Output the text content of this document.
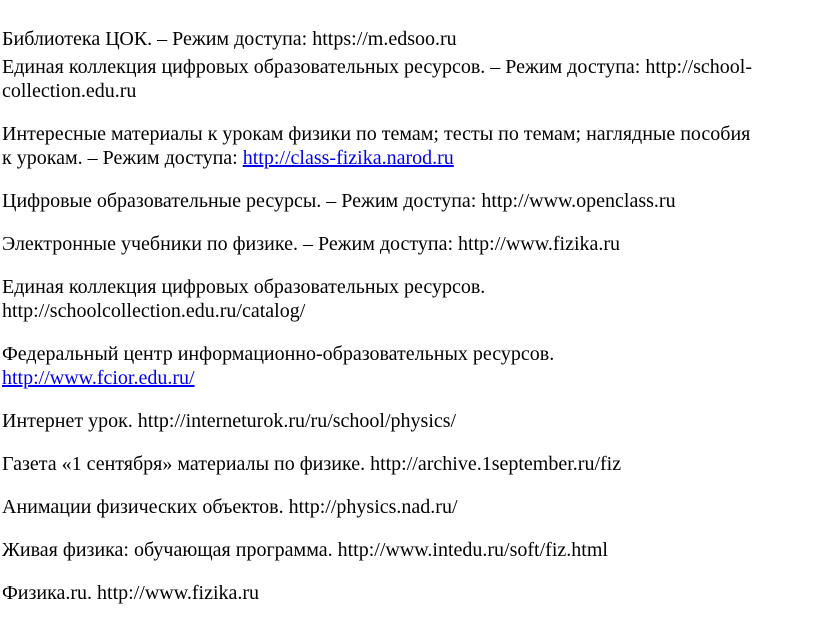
Библиотека ЦОК. – Режим доступа: https://m.edsoo.ru

Единая коллекция цифровых образовательных ресурсов. – Режим доступа: http://school-

collection.edu.ru

Интересные материалы к урокам физики по темам; тесты по темам; наглядные пособия

к урокам. – Режим доступа: http://class-fizika.narod.ru

Цифровые образовательные ресурсы. – Режим доступа: http://www.openclass.ru

Электронные учебники по физике. – Режим доступа: http://www.fizika.ru

Единая коллекция цифровых образовательных ресурсов.

http://schoolcollection.edu.ru/catalog/

Федеральный центр информационно-образовательных ресурсов.

http://www.fcior.edu.ru/

Интернет урок. http://interneturok.ru/ru/school/physics/

Газета «1 сентября» материалы по физике. http://archive.1september.ru/fiz

Анимации физических объектов. http://physics.nad.ru/

Живая физика: обучающая программа. http://www.intedu.ru/soft/fiz.html

Физика.ru. http://www.fizika.ru
